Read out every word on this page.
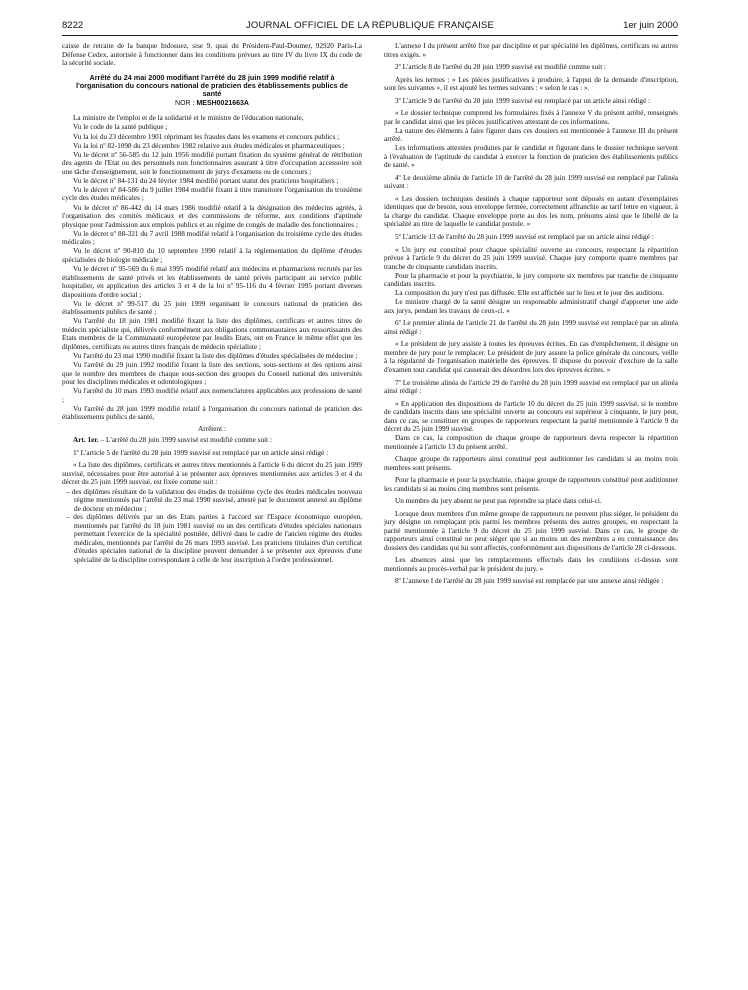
8222	JOURNAL OFFICIEL DE LA RÉPUBLIQUE FRANÇAISE	1er juin 2000

caisse de retraite de la banque Indosuez, sise 9, quai du Président-Paul-Doumer, 92920 Paris-La Défense Cedex, autorisée à fonctionner dans les conditions prévues au titre IV du livre IX du code de la sécurité sociale.

Arrêté du 24 mai 2000 modifiant l'arrêté du 28 juin 1999 modifié relatif à l'organisation du concours national de praticien des établissements publics de santé
NOR : MESH0021663A

La ministre de l'emploi et de la solidarité et le ministre de l'éducation nationale,

Vu le code de la santé publique ;

Vu la loi du 23 décembre 1901 réprimant les fraudes dans les examens et concours publics ;

Vu la loi nº 82-1098 du 23 décembre 1982 relative aux études médicales et pharmaceutiques ;

Vu le décret nº 56-585 du 12 juin 1956 modifié portant fixation du système général de rétribution des agents de l'Etat ou des personnels non fonctionnaires assurant à titre d'occupation accessoire soit une tâche d'enseignement, soit le fonctionnement de jurys d'examens ou de concours ;

Vu le décret nº 84-131 du 24 février 1984 modifié portant statut des praticiens hospitaliers ;

Vu le décret nº 84-586 du 9 juillet 1984 modifié fixant à titre transitoire l'organisation du troisième cycle des études médicales ;

Vu le décret nº 86-442 du 14 mars 1986 modifié relatif à la désignation des médecins agréés, à l'organisation des comités médicaux et des commissions de réforme, aux conditions d'aptitude physique pour l'admission aux emplois publics et au régime de congés de maladie des fonctionnaires ;

Vu le décret nº 88-321 du 7 avril 1988 modifié relatif à l'organisation du troisième cycle des études médicales ;

Vu le décret nº 90-810 du 10 septembre 1990 relatif à la réglementation du diplôme d'études spécialisées de biologie médicale ;

Vu le décret nº 95-569 du 6 mai 1995 modifié relatif aux médecins et pharmaciens recrutés par les établissements de santé privés et les établissements de santé privés participant au service public hospitalier, en application des articles 3 et 4 de la loi nº 95-116 du 4 février 1995 portant diverses dispositions d'ordre social ;

Vu le décret nº 99-517 du 25 juin 1999 organisant le concours national de praticien des établissements publics de santé ;

Vu l'arrêté du 18 juin 1981 modifié fixant la liste des diplômes, certificats et autres titres de médecin spécialiste qui, délivrés conformément aux obligations communautaires aux ressortissants des Etats membres de la Communauté européenne par lesdits Etats, ont en France le même effet que les diplômes, certificats ou autres titres français de médecin spécialiste ;

Vu l'arrêté du 23 mai 1990 modifié fixant la liste des diplômes d'études spécialisées de médecine ;

Vu l'arrêté du 29 juin 1992 modifié fixant la liste des sections, sous-sections et des options ainsi que le nombre des membres de chaque sous-section des groupes du Conseil national des universités pour les disciplines médicales et odontologiques ;

Vu l'arrêté du 10 mars 1993 modifié relatif aux nomenclatures applicables aux professions de santé ;

Vu l'arrêté du 28 juin 1999 modifié relatif à l'organisation du concours national de praticien des établissements publics de santé,

Arrêtent :

Art. 1er. – L'arrêté du 28 juin 1999 susvisé est modifié comme suit :

1º L'article 5 de l'arrêté du 28 juin 1999 susvisé est remplacé par un article ainsi rédigé :

« La liste des diplômes, certificats et autres titres mentionnés à l'article 6 du décret du 25 juin 1999 susvisé, nécessaires pour être autorisé à se présenter aux épreuves mentionnées aux articles 3 et 4 du décret du 25 juin 1999 susvisé, est fixée comme suit :

– des diplômes résultant de la validation des études de troisième cycle des études médicales nouveau régime mentionnés par l'arrêté du 23 mai 1990 susvisé, attesté par le document annexé au diplôme de docteur en médecine ;
– des diplômes délivrés par un des Etats parties à l'accord sur l'Espace économique européen, mentionnés par l'arrêté du 18 juin 1981 susvisé ou un des certificats d'études spéciales nationaux permettant l'exercice de la spécialité postulée, délivré dans le cadre de l'ancien régime des études médicales, mentionnés par l'arrêté du 26 mars 1993 susvisé. Les praticiens titulaires d'un certificat d'études spéciales national de la discipline peuvent demander à se présenter aux épreuves d'une spécialité de la discipline correspondant à celle de leur inscription à l'ordre professionnel.

L'annexe I du présent arrêté fixe par discipline et par spécialité les diplômes, certificats ou autres titres exigés. »

2º L'article 8 de l'arrêté du 28 juin 1999 susvisé est modifié comme suit :

Après les termes : « Les pièces justificatives à produire, à l'appui de la demande d'inscription, sont les suivantes », il est ajouté les termes suivants : « selon le cas : ».

3º L'article 9 de l'arrêté du 28 juin 1999 susvisé est remplacé par un article ainsi rédigé :

« Le dossier technique comprend les formulaires fixés à l'annexe V du présent arrêté, renseignés par le candidat ainsi que les pièces justificatives attestant de ces informations.

La nature des éléments à faire figurer dans ces dossiers est mentionnée à l'annexe III du présent arrêté.

Les informations attestées produites par le candidat et figurant dans le dossier technique servent à l'évaluation de l'aptitude du candidat à exercer la fonction de praticien des établissements publics de santé. »

4º Le deuxième alinéa de l'article 10 de l'arrêté du 28 juin 1999 susvisé est remplacé par l'alinéa suivant :

« Les dossiers techniques destinés à chaque rapporteur sont déposés en autant d'exemplaires identiques que de besoin, sous enveloppe fermée, correctement affranchie au tarif lettre en vigueur, à la charge du candidat. Chaque enveloppe porte au dos les nom, prénoms ainsi que le libellé de la spécialité au titre de laquelle le candidat postule. »

5º L'article 13 de l'arrêté du 28 juin 1999 susvisé est remplacé par un article ainsi rédigé :

« Un jury est constitué pour chaque spécialité ouverte au concours, respectant la répartition prévue à l'article 9 du décret du 25 juin 1999 susvisé. Chaque jury comporte quatre membres par tranche de cinquante candidats inscrits.

Pour la pharmacie et pour la psychiatrie, le jury comporte six membres par tranche de cinquante candidats inscrits.

La composition du jury n'est pas diffusée. Elle est affichée sur le lieu et le jour des auditions.

Le ministre chargé de la santé désigne un responsable administratif chargé d'apporter une aide aux jurys, pendant les travaux de ceux-ci. »

6º Le premier alinéa de l'article 21 de l'arrêté du 28 juin 1999 susvisé est remplacé par un alinéa ainsi rédigé :

« Le président de jury assiste à toutes les épreuves écrites. En cas d'empêchement, il désigne un membre de jury pour le remplacer. Le président de jury assure la police générale du concours, veille à la régularité de l'organisation matérielle des épreuves. Il dispose du pouvoir d'exclure de la salle d'examen tout candidat qui causerait des désordres lors des épreuves écrites. »

7º Le troisième alinéa de l'article 29 de l'arrêté du 28 juin 1999 susvisé est remplacé par un alinéa ainsi rédigé :

« En application des dispositions de l'article 10 du décret du 25 juin 1999 susvisé, si le nombre de candidats inscrits dans une spécialité ouverte au concours est supérieur à cinquante, le jury peut, dans ce cas, se constituer en groupes de rapporteurs respectant la parité mentionnée à l'article 9 du décret du 25 juin 1999 susvisé.

Dans ce cas, la composition de chaque groupe de rapporteurs devra respecter la répartition mentionnée à l'article 13 du présent arrêté.

Chaque groupe de rapporteurs ainsi constitué peut auditionner les candidats si au moins trois membres sont présents.

Pour la pharmacie et pour la psychiatrie, chaque groupe de rapporteurs constitué peut auditionner les candidats si au moins cinq membres sont présents.

Un membre du jury absent ne peut pas reprendre sa place dans celui-ci.

Lorsque deux membres d'un même groupe de rapporteurs ne peuvent plus siéger, le président du jury désigne un remplaçant pris parmi les membres présents des autres groupes, en respectant la parité mentionnée à l'article 9 du décret du 25 juin 1999 susvisé. Dans ce cas, le groupe de rapporteurs ainsi constitué ne peut siéger que si au moins un des membres a eu connaissance des dossiers des candidats qui lui sont affectés, conformément aux dispositions de l'article 28 ci-dessous.

Les absences ainsi que les remplacements effectués dans les conditions ci-dessus sont mentionnés au procès-verbal par le président du jury. »

8º L'annexe I de l'arrêté du 28 juin 1999 susvisé est remplacée par une annexe ainsi rédigée :
